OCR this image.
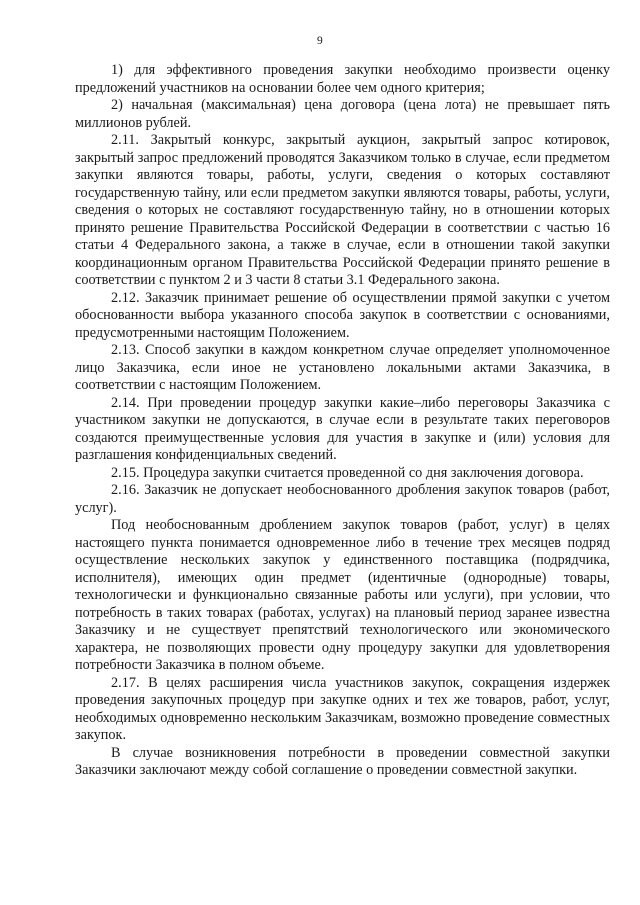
9

1) для эффективного проведения закупки необходимо произвести оценку предложений участников на основании более чем одного критерия;

2) начальная (максимальная) цена договора (цена лота) не превышает пять миллионов рублей.

2.11. Закрытый конкурс, закрытый аукцион, закрытый запрос котировок, закрытый запрос предложений проводятся Заказчиком только в случае, если предметом закупки являются товары, работы, услуги, сведения о которых составляют государственную тайну, или если предметом закупки являются товары, работы, услуги, сведения о которых не составляют государственную тайну, но в отношении которых принято решение Правительства Российской Федерации в соответствии с частью 16 статьи 4 Федерального закона, а также в случае, если в отношении такой закупки координационным органом Правительства Российской Федерации принято решение в соответствии с пунктом 2 и 3 части 8 статьи 3.1 Федерального закона.

2.12. Заказчик принимает решение об осуществлении прямой закупки с учетом обоснованности выбора указанного способа закупок в соответствии с основаниями, предусмотренными настоящим Положением.

2.13. Способ закупки в каждом конкретном случае определяет уполномоченное лицо Заказчика, если иное не установлено локальными актами Заказчика, в соответствии с настоящим Положением.

2.14. При проведении процедур закупки какие–либо переговоры Заказчика с участником закупки не допускаются, в случае если в результате таких переговоров создаются преимущественные условия для участия в закупке и (или) условия для разглашения конфиденциальных сведений.

2.15. Процедура закупки считается проведенной со дня заключения договора.

2.16. Заказчик не допускает необоснованного дробления закупок товаров (работ, услуг).

Под необоснованным дроблением закупок товаров (работ, услуг) в целях настоящего пункта понимается одновременное либо в течение трех месяцев подряд осуществление нескольких закупок у единственного поставщика (подрядчика, исполнителя), имеющих один предмет (идентичные (однородные) товары, технологически и функционально связанные работы или услуги), при условии, что потребность в таких товарах (работах, услугах) на плановый период заранее известна Заказчику и не существует препятствий технологического или экономического характера, не позволяющих провести одну процедуру закупки для удовлетворения потребности Заказчика в полном объеме.

2.17. В целях расширения числа участников закупок, сокращения издержек проведения закупочных процедур при закупке одних и тех же товаров, работ, услуг, необходимых одновременно нескольким Заказчикам, возможно проведение совместных закупок.

В случае возникновения потребности в проведении совместной закупки Заказчики заключают между собой соглашение о проведении совместной закупки.
